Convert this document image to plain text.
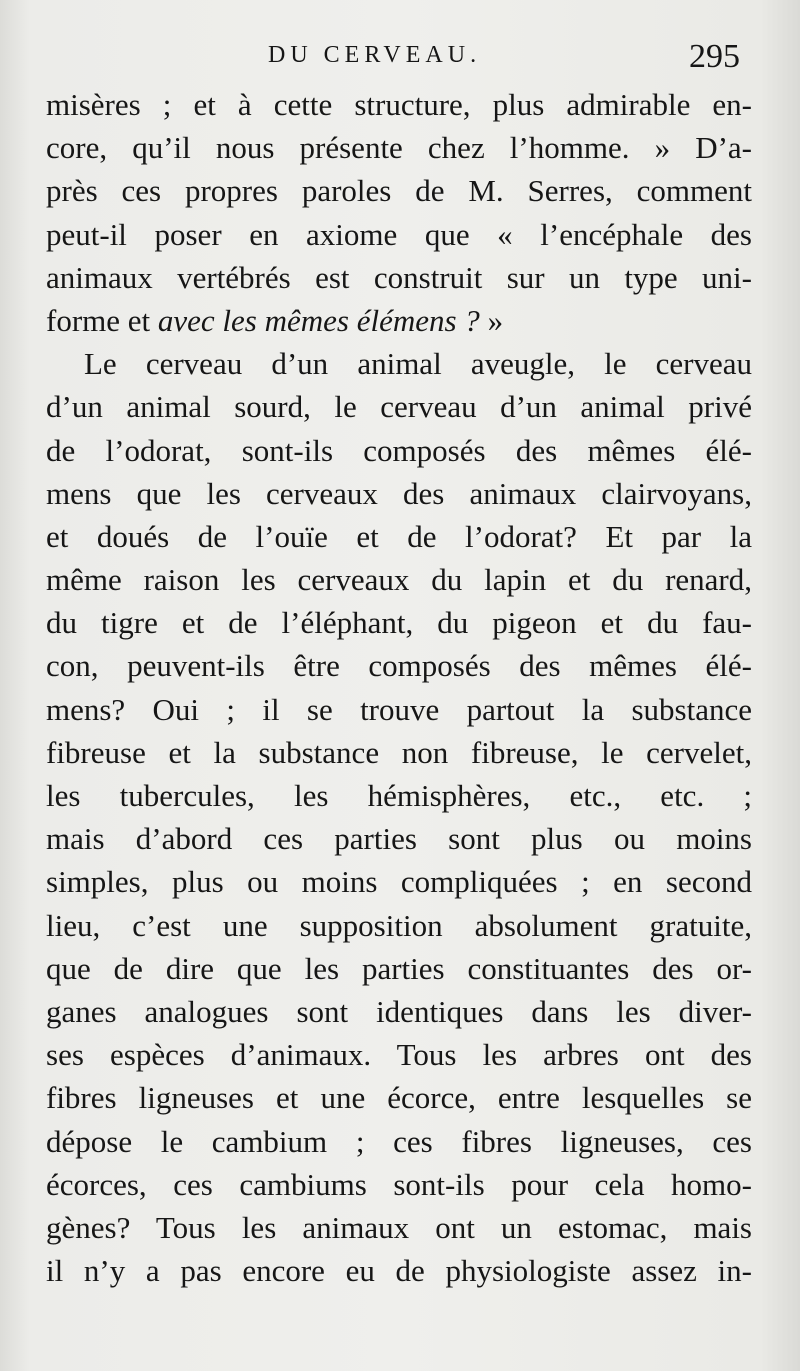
DU CERVEAU.	295
misères ; et à cette structure, plus admirable en-
core, qu’il nous présente chez l’homme. » D’a-
près ces propres paroles de M. Serres, comment
peut-il poser en axiome que « l’encéphale des
animaux vertébrés est construit sur un type uni-
forme et avec les mêmes élémens ? »
Le cerveau d’un animal aveugle, le cerveau
d’un animal sourd, le cerveau d’un animal privé
de l’odorat, sont-ils composés des mêmes élé-
mens que les cerveaux des animaux clairvoyans,
et doués de l’ouïe et de l’odorat? Et par la
même raison les cerveaux du lapin et du renard,
du tigre et de l’éléphant, du pigeon et du fau-
con, peuvent-ils être composés des mêmes élé-
mens? Oui ; il se trouve partout la substance
fibreuse et la substance non fibreuse, le cervelet,
les tubercules, les hémisphères, etc., etc. ;
mais d’abord ces parties sont plus ou moins
simples, plus ou moins compliquées ; en second
lieu, c’est une supposition absolument gratuite,
que de dire que les parties constituantes des or-
ganes analogues sont identiques dans les diver-
ses espèces d’animaux. Tous les arbres ont des
fibres ligneuses et une écorce, entre lesquelles se
dépose le cambium ; ces fibres ligneuses, ces
écorces, ces cambiums sont-ils pour cela homo-
gènes? Tous les animaux ont un estomac, mais
il n’y a pas encore eu de physiologiste assez in-
